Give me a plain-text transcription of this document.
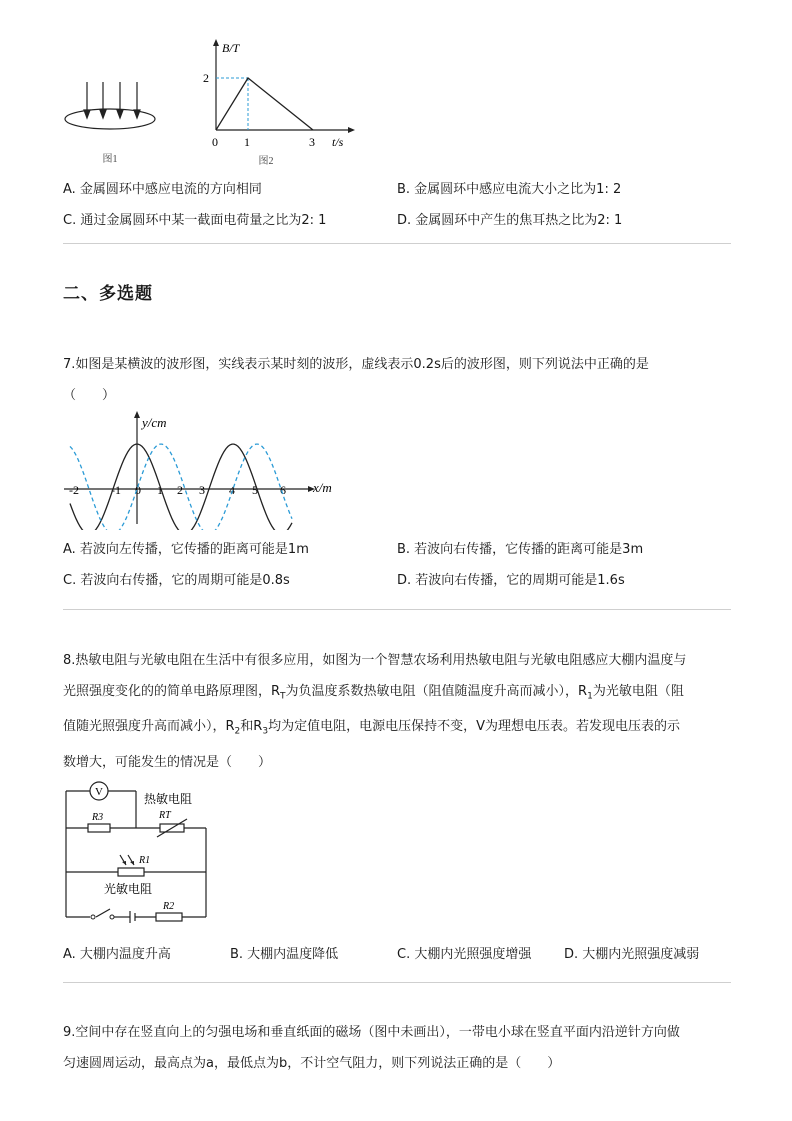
图1
B/T
t/s
2
0 1	3
图2
A. 金属圆环中感应电流的方向相同	B. 金属圆环中感应电流大小之比为1: 2
C. 通过金属圆环中某一截面电荷量之比为2: 1	D. 金属圆环中产生的焦耳热之比为2: 1
二、多选题
7.如图是某横波的波形图，实线表示某时刻的波形，虚线表示0.2s后的波形图，则下列说法中正确的是
（　　）
y/cm
x/m
-2	-1 0 1 2 3 4 5 6
A. 若波向左传播，它传播的距离可能是1m	B. 若波向右传播，它传播的距离可能是3m
C. 若波向右传播，它的周期可能是0.8s	D. 若波向右传播，它的周期可能是1.6s
8.热敏电阻与光敏电阻在生活中有很多应用，如图为一个智慧农场利用热敏电阻与光敏电阻感应大棚内温度与
光照强度变化的的简单电路原理图，$R_T$为负温度系数热敏电阻（阻值随温度升高而减小），$R_1$为光敏电阻（阻
值随光照强度升高而减小），$R_2$和$R_3$均为定值电阻，电源电压保持不变，V为理想电压表。若发现电压表的示
数增大，可能发生的情况是（　　）
V
R3	RT
R1
R2
热敏电阻
光敏电阻
A. 大棚内温度升高	B. 大棚内温度降低	C. 大棚内光照强度增强	D. 大棚内光照强度减弱
9.空间中存在竖直向上的匀强电场和垂直纸面的磁场（图中未画出），一带电小球在竖直平面内沿逆针方向做
匀速圆周运动，最高点为a，最低点为b，不计空气阻力，则下列说法正确的是（　　）
